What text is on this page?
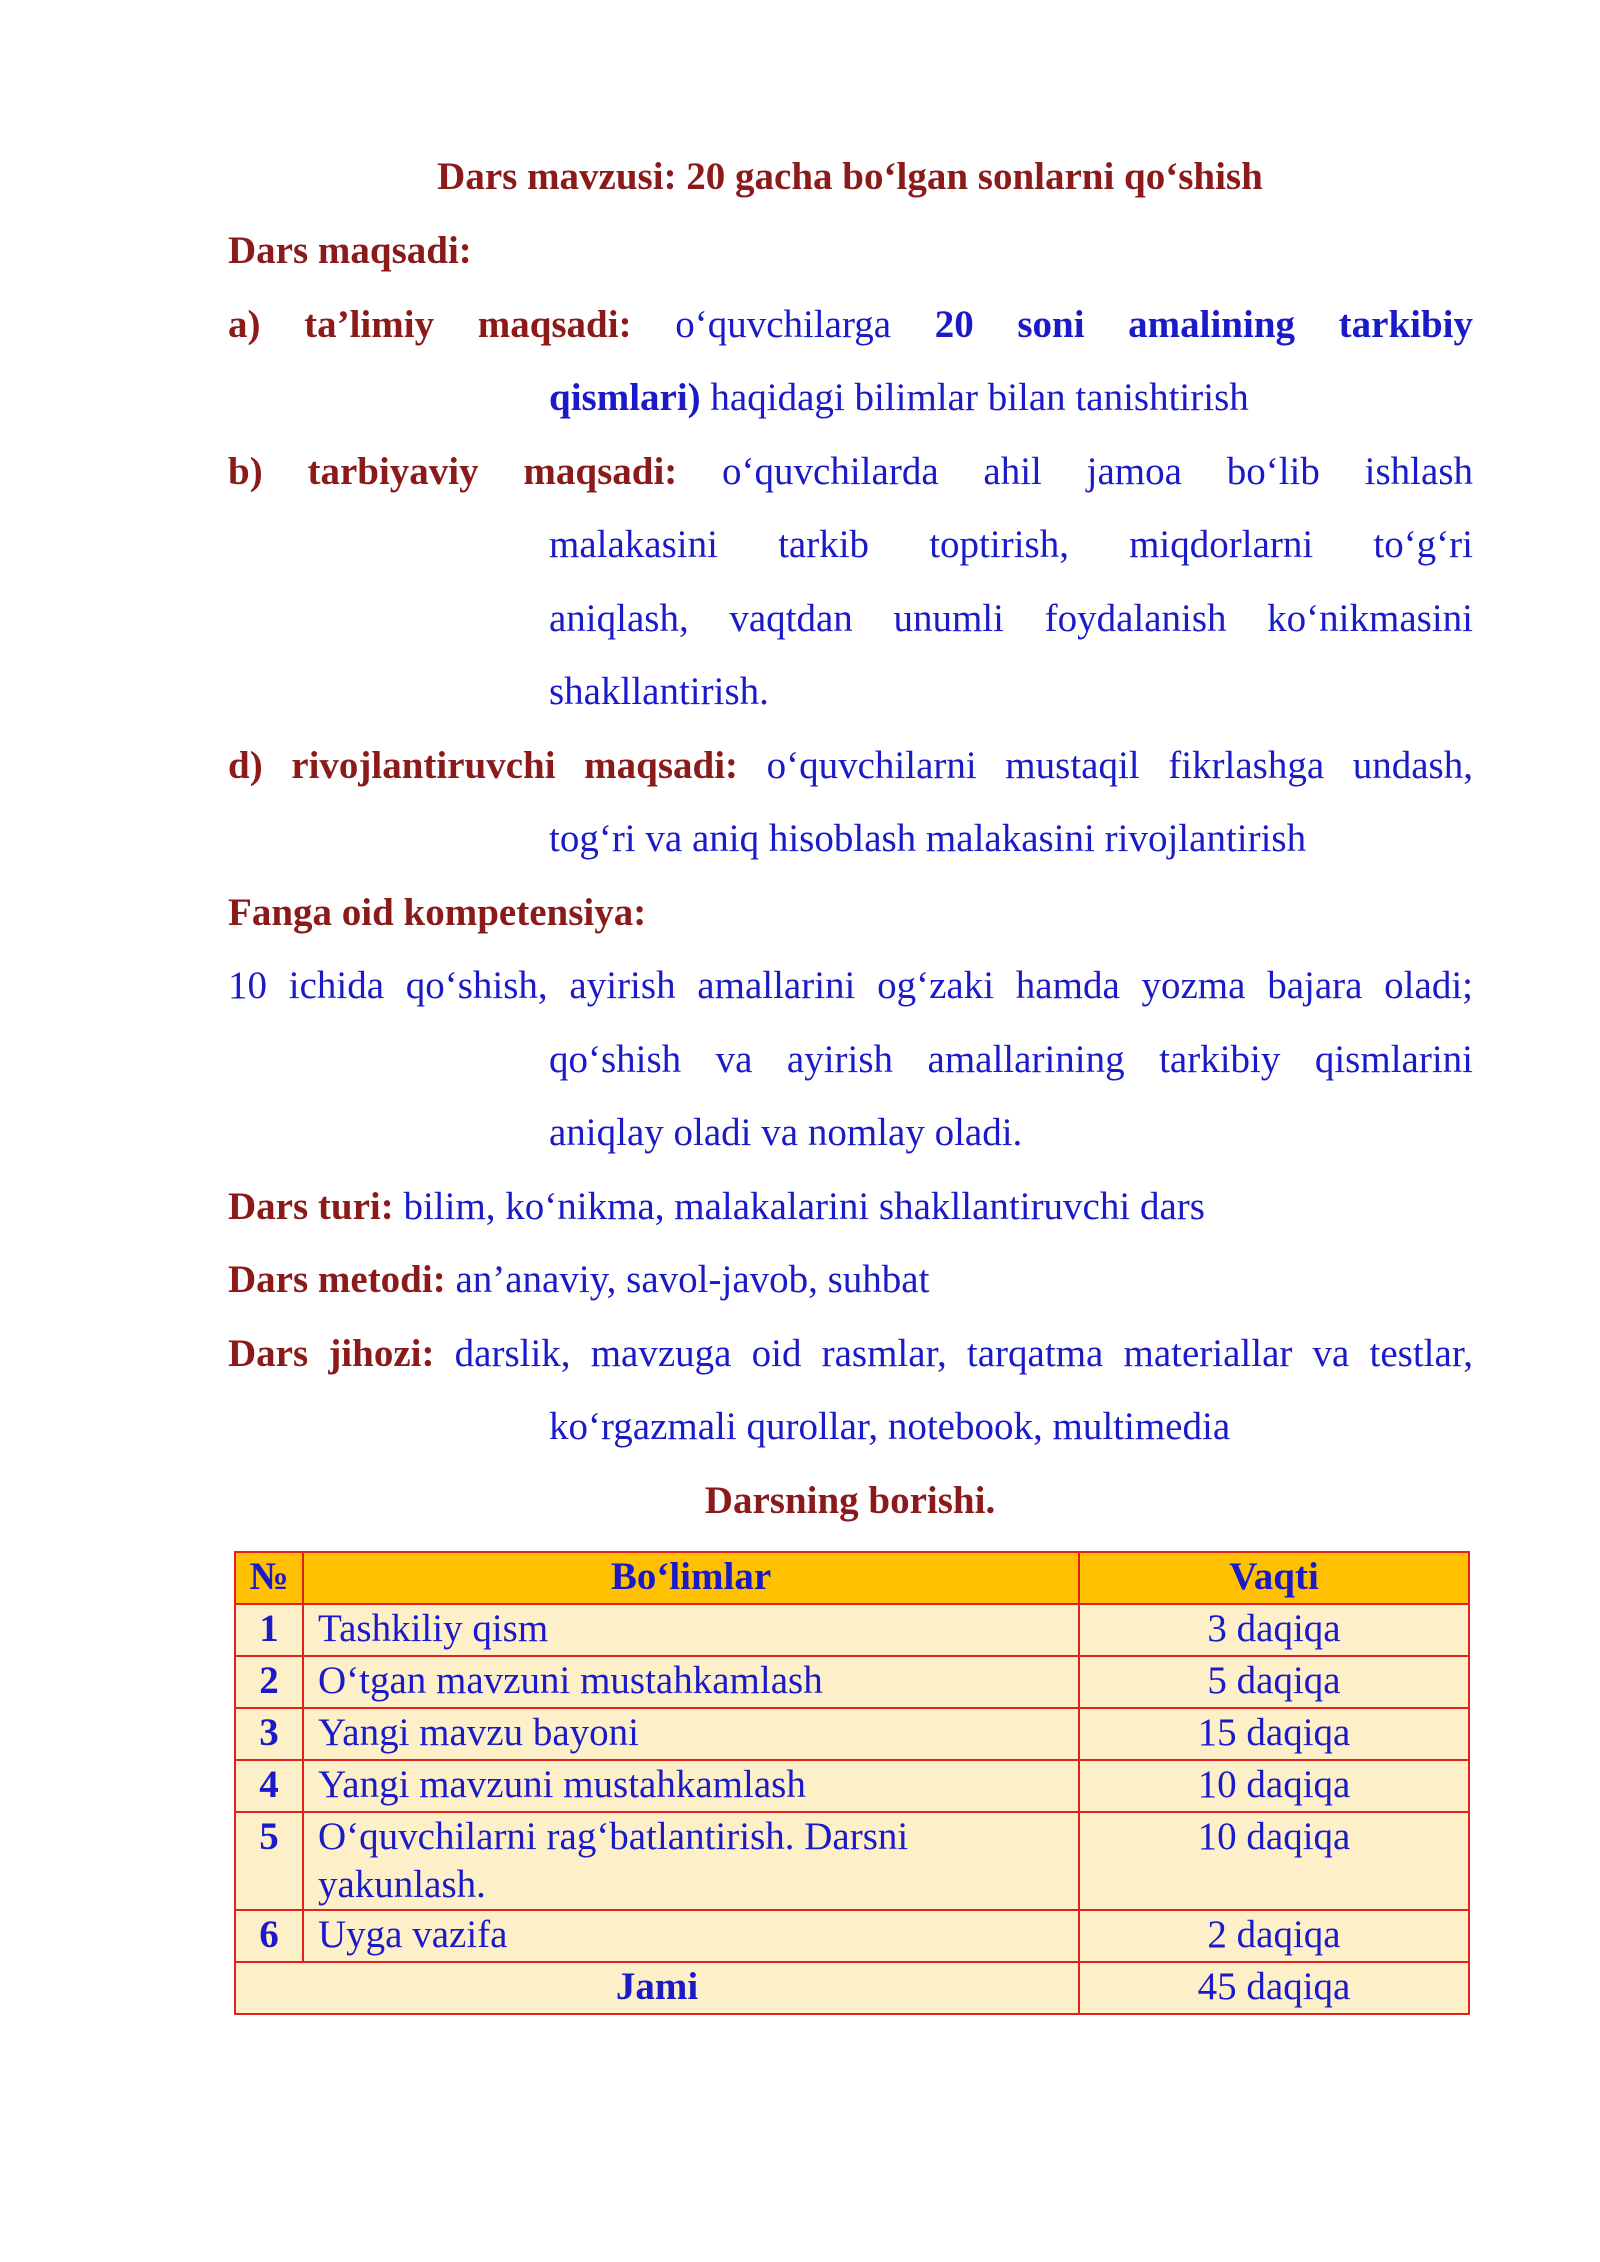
Dars mavzusi: 20 gacha bo‘lgan sonlarni qo‘shish
Dars maqsadi:
a) ta’limiy maqsadi: o‘quvchilarga 20 soni amalining tarkibiy
qismlari) haqidagi bilimlar bilan tanishtirish
b) tarbiyaviy maqsadi: o‘quvchilarda ahil jamoa bo‘lib ishlash
malakasini tarkib toptirish, miqdorlarni to‘g‘ri
aniqlash, vaqtdan unumli foydalanish ko‘nikmasini
shakllantirish.
d) rivojlantiruvchi maqsadi: o‘quvchilarni mustaqil fikrlashga undash,
tog‘ri va aniq hisoblash malakasini rivojlantirish
Fanga oid kompetensiya:
10 ichida qo‘shish, ayirish amallarini og‘zaki hamda yozma bajara oladi;
qo‘shish va ayirish amallarining tarkibiy qismlarini
aniqlay oladi va nomlay oladi.
Dars turi: bilim, ko‘nikma, malakalarini shakllantiruvchi dars
Dars metodi: an’anaviy, savol-javob, suhbat
Dars jihozi: darslik, mavzuga oid rasmlar, tarqatma materiallar va testlar,
ko‘rgazmali qurollar, notebook, multimedia
Darsning borishi.
№	Bo‘limlar	Vaqti
1	Tashkiliy qism	3 daqiqa
2	O‘tgan mavzuni mustahkamlash	5 daqiqa
3	Yangi mavzu bayoni	15 daqiqa
4	Yangi mavzuni mustahkamlash	10 daqiqa
5	O‘quvchilarni rag‘batlantirish. Darsni yakunlash.	10 daqiqa
6	Uyga vazifa	2 daqiqa
Jami		45 daqiqa
